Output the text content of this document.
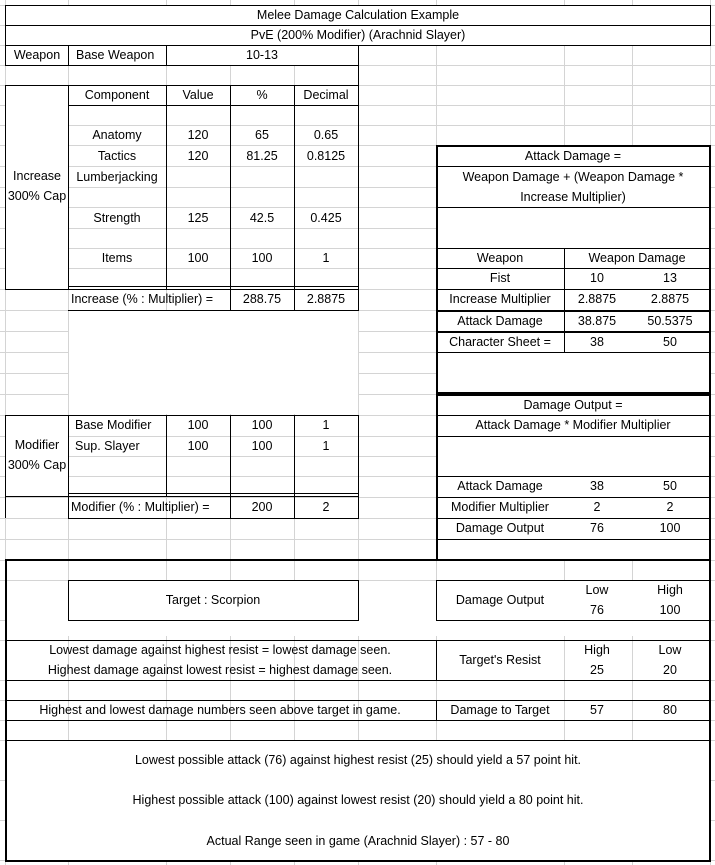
Melee Damage Calculation Example
PvE (200% Modifier) (Arachnid Slayer)
Weapon Base Weapon	10-13
Component	Value	%	Decimal
Increase
300% Cap
Anatomy	120	65	0.65
Tactics	120	81.25 0.8125
Lumberjacking
Strength	125	42.5	0.425
Items	100	100	1
Increase (% : Multiplier) = 288.75 2.8875
Modifier
300% Cap
Base Modifier	100	100	1
Sup. Slayer	100	100	1
Modifier (% : Multiplier) =	200	2
Attack Damage =
Weapon Damage + (Weapon Damage *
Increase Multiplier)
Weapon	Weapon Damage
Fist	10	13
Increase Multiplier 2.8875	2.8875
Attack Damage	38.875	50.5375
Character Sheet =	38	50
Damage Output =
Attack Damage * Modifier Multiplier
Attack Damage	38	50
Modifier Multiplier	2	2
Damage Output	76	100
Target : Scorpion	Damage Output
Low	High
76	100
Lowest damage against highest resist = lowest damage seen.
Highest damage against lowest resist = highest damage seen.
Target's Resist
High	Low
25	20
Highest and lowest damage numbers seen above target in game.	Damage to Target	57	80
Lowest possible attack (76) against highest resist (25) should yield a 57 point hit.
Highest possible attack (100) against lowest resist (20) should yield a 80 point hit.
Actual Range seen in game (Arachnid Slayer) : 57 - 80
